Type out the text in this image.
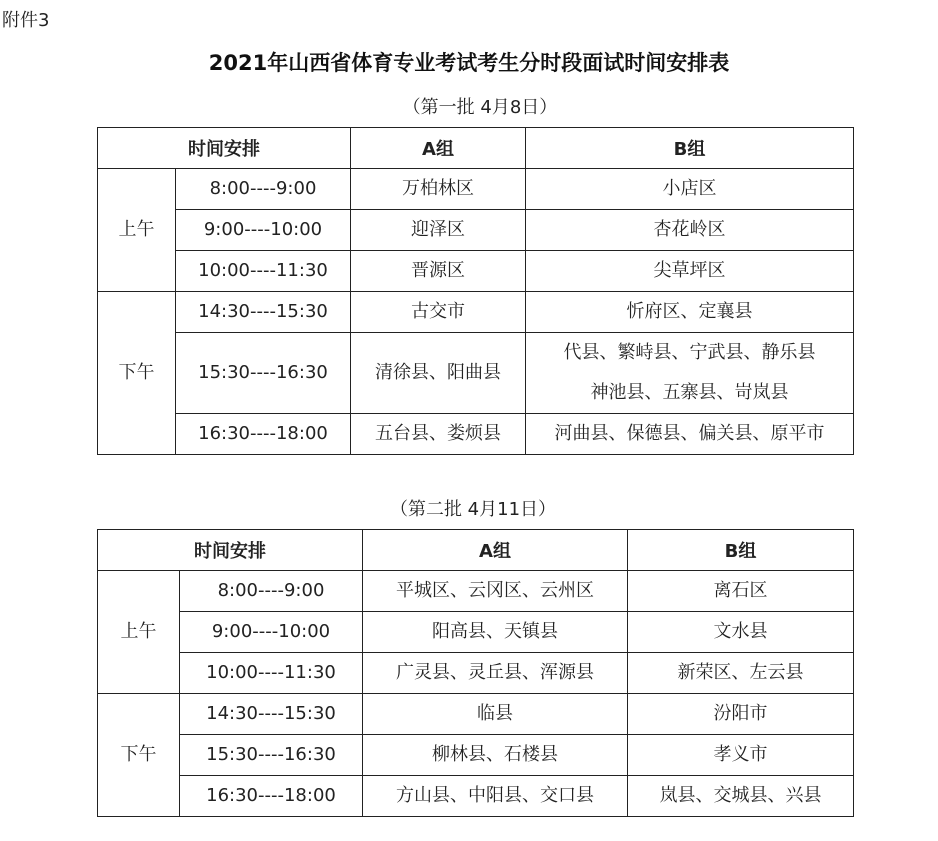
附件3
2021年山西省体育专业考试考生分时段面试时间安排表
（第一批 4月8日）
时间安排		A组	B组
上午	8:00----9:00	万柏林区	小店区
	9:00----10:00	迎泽区	杏花岭区
	10:00----11:30	晋源区	尖草坪区
下午	14:30----15:30	古交市	忻府区、定襄县
	15:30----16:30	清徐县、阳曲县	代县、繁峙县、宁武县、静乐县
神池县、五寨县、岢岚县

	16:30----18:00	五台县、娄烦县	河曲县、保德县、偏关县、原平市
（第二批 4月11日）
时间安排		A组	B组
上午	8:00----9:00	平城区、云冈区、云州区	离石区
	9:00----10:00	阳高县、天镇县	文水县
	10:00----11:30	广灵县、灵丘县、浑源县	新荣区、左云县
下午	14:30----15:30	临县	汾阳市
	15:30----16:30	柳林县、石楼县	孝义市
	16:30----18:00	方山县、中阳县、交口县	岚县、交城县、兴县
